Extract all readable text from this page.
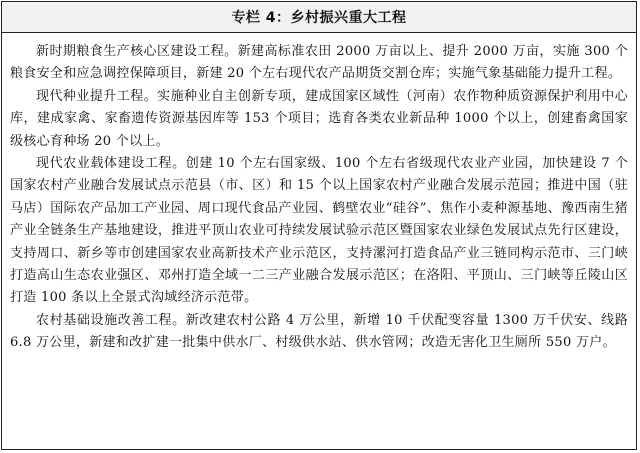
专栏 4：乡村振兴重大工程

新时期粮食生产核心区建设工程。新建高标准农田 2000 万亩以上、提升 2000 万亩，实施 300 个粮食安全和应急调控保障项目，新建 20 个左右现代农产品期货交割仓库；实施气象基础能力提升工程。

现代种业提升工程。实施种业自主创新专项，建成国家区域性（河南）农作物种质资源保护利用中心库，建成家禽、家畜遗传资源基因库等 153 个项目；选育各类农业新品种 1000 个以上，创建畜禽国家级核心育种场 20 个以上。

现代农业载体建设工程。创建 10 个左右国家级、100 个左右省级现代农业产业园，加快建设 7 个国家农村产业融合发展试点示范县（市、区）和 15 个以上国家农村产业融合发展示范园；推进中国（驻马店）国际农产品加工产业园、周口现代食品产业园、鹤壁农业“硅谷”、焦作小麦种源基地、豫西南生猪产业全链条生产基地建设，推进平顶山农业可持续发展试验示范区暨国家农业绿色发展试点先行区建设，支持周口、新乡等市创建国家农业高新技术产业示范区，支持漯河打造食品产业三链同构示范市、三门峡打造高山生态农业强区、邓州打造全域一二三产业融合发展示范区；在洛阳、平顶山、三门峡等丘陵山区打造 100 条以上全景式沟域经济示范带。

农村基础设施改善工程。新改建农村公路 4 万公里，新增 10 千伏配变容量 1300 万千伏安、线路 6.8 万公里，新建和改扩建一批集中供水厂、村级供水站、供水管网；改造无害化卫生厕所 550 万户。
